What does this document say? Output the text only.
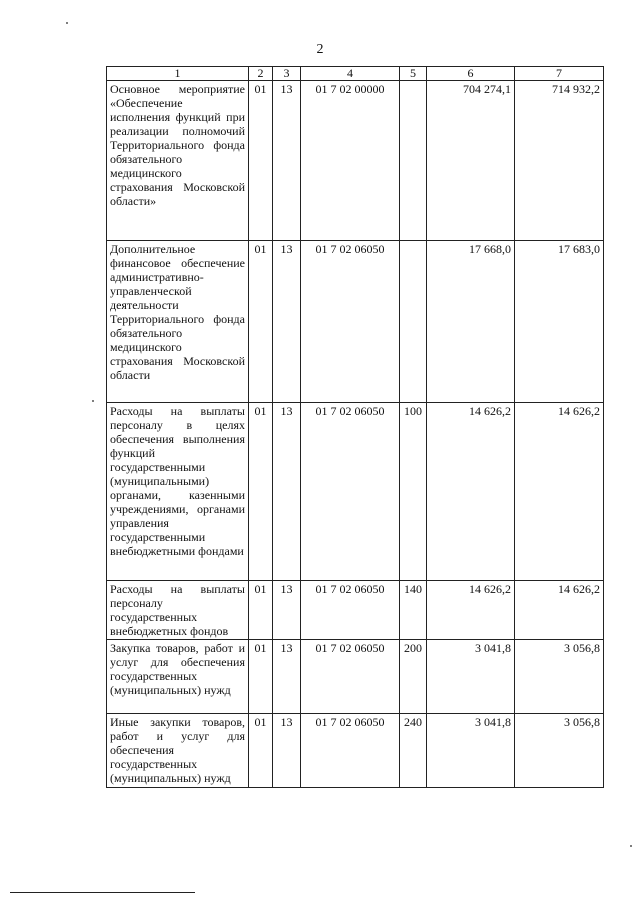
2
1	2	3	4	5	6	7
Основное мероприятие «Обеспечение исполнения функций при реализации полномочий Территориального фонда обязательного медицинского страхования Московской области»	01	13	01 7 02 00000		704 274,1	714 932,2
Дополнительное финансовое обеспечение административно-управленческой деятельности Территориального фонда обязательного медицинского страхования Московской области	01	13	01 7 02 06050		17 668,0	17 683,0
Расходы на выплаты персоналу в целях обеспечения выполнения функций государственными (муниципальными) органами, казенными учреждениями, органами управления государственными внебюджетными фондами	01	13	01 7 02 06050	100	14 626,2	14 626,2
Расходы на выплаты персоналу государственных внебюджетных фондов	01	13	01 7 02 06050	140	14 626,2	14 626,2
Закупка товаров, работ и услуг для обеспечения государственных (муниципальных) нужд	01	13	01 7 02 06050	200	3 041,8	3 056,8
Иные закупки товаров, работ и услуг для обеспечения государственных (муниципальных) нужд	01	13	01 7 02 06050	240	3 041,8	3 056,8
